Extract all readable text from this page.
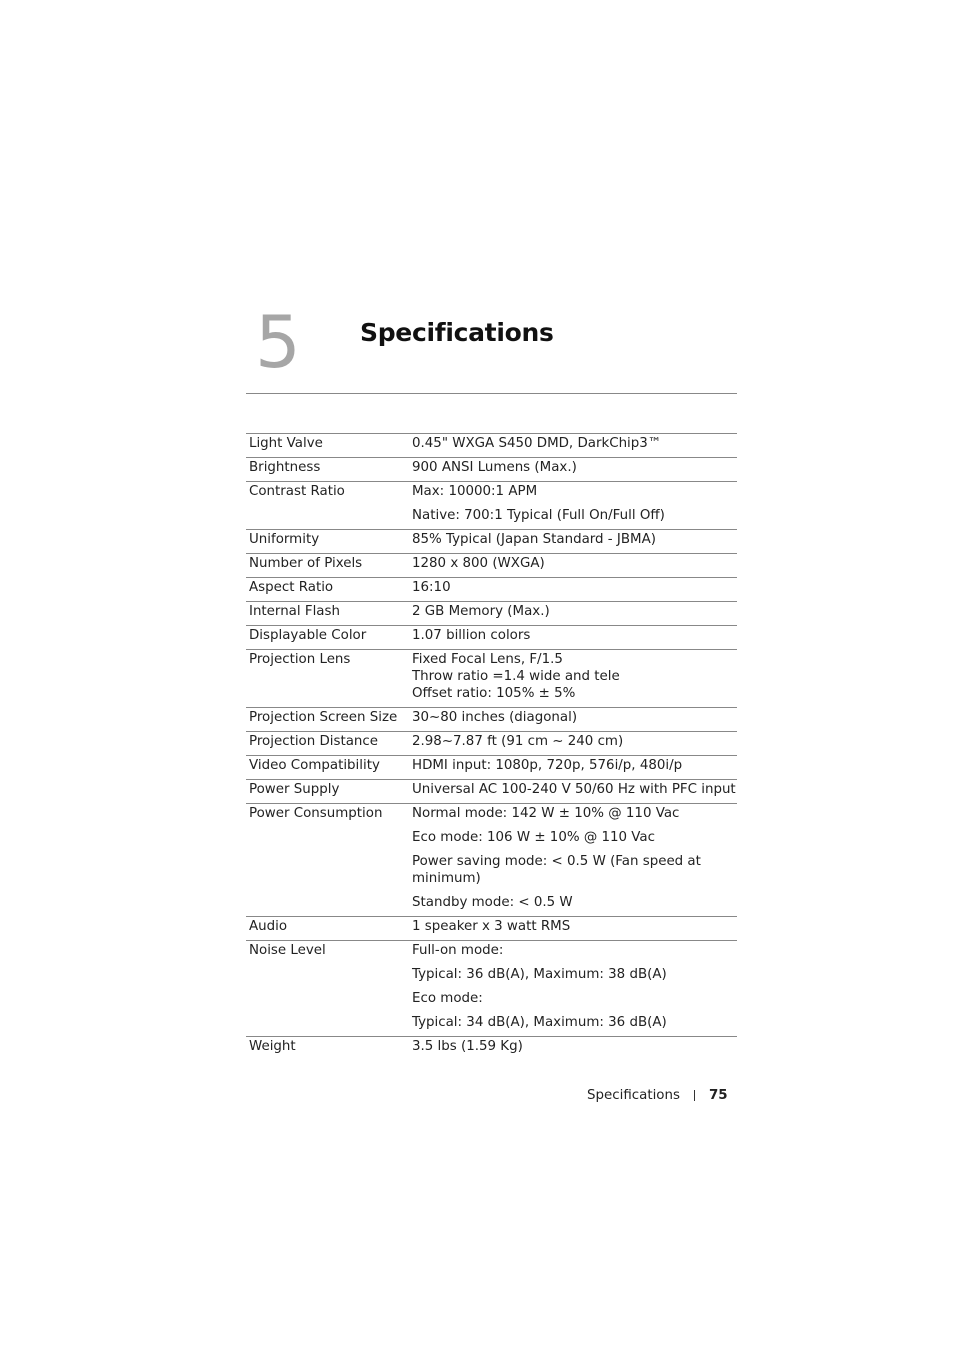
5 Specifications
Light Valve	0.45" WXGA S450 DMD, DarkChip3™

Brightness	900 ANSI Lumens (Max.)

Contrast Ratio	Max: 10000:1 APM

	Native: 700:1 Typical (Full On/Full Off)

Uniformity	85% Typical (Japan Standard - JBMA)

Number of Pixels	1280 x 800 (WXGA)

Aspect Ratio	16:10

Internal Flash	2 GB Memory (Max.)

Displayable Color	1.07 billion colors

Projection Lens	Fixed Focal Lens, F/1.5
Throw ratio =1.4 wide and tele
Offset ratio: 105% ± 5%

Projection Screen Size	30~80 inches (diagonal)

Projection Distance	2.98~7.87 ft (91 cm ~ 240 cm)

Video Compatibility	HDMI input: 1080p, 720p, 576i/p, 480i/p

Power Supply	Universal AC 100-240 V 50/60 Hz with PFC input

Power Consumption	Normal mode: 142 W ± 10% @ 110 Vac

	Eco mode: 106 W ± 10% @ 110 Vac

	Power saving mode: < 0.5 W (Fan speed at
minimum)

	Standby mode: < 0.5 W

Audio	1 speaker x 3 watt RMS

Noise Level	Full-on mode:

	Typical: 36 dB(A), Maximum: 38 dB(A)

	Eco mode:

	Typical: 34 dB(A), Maximum: 36 dB(A)

Weight	3.5 lbs (1.59 Kg)
Specifications 75
